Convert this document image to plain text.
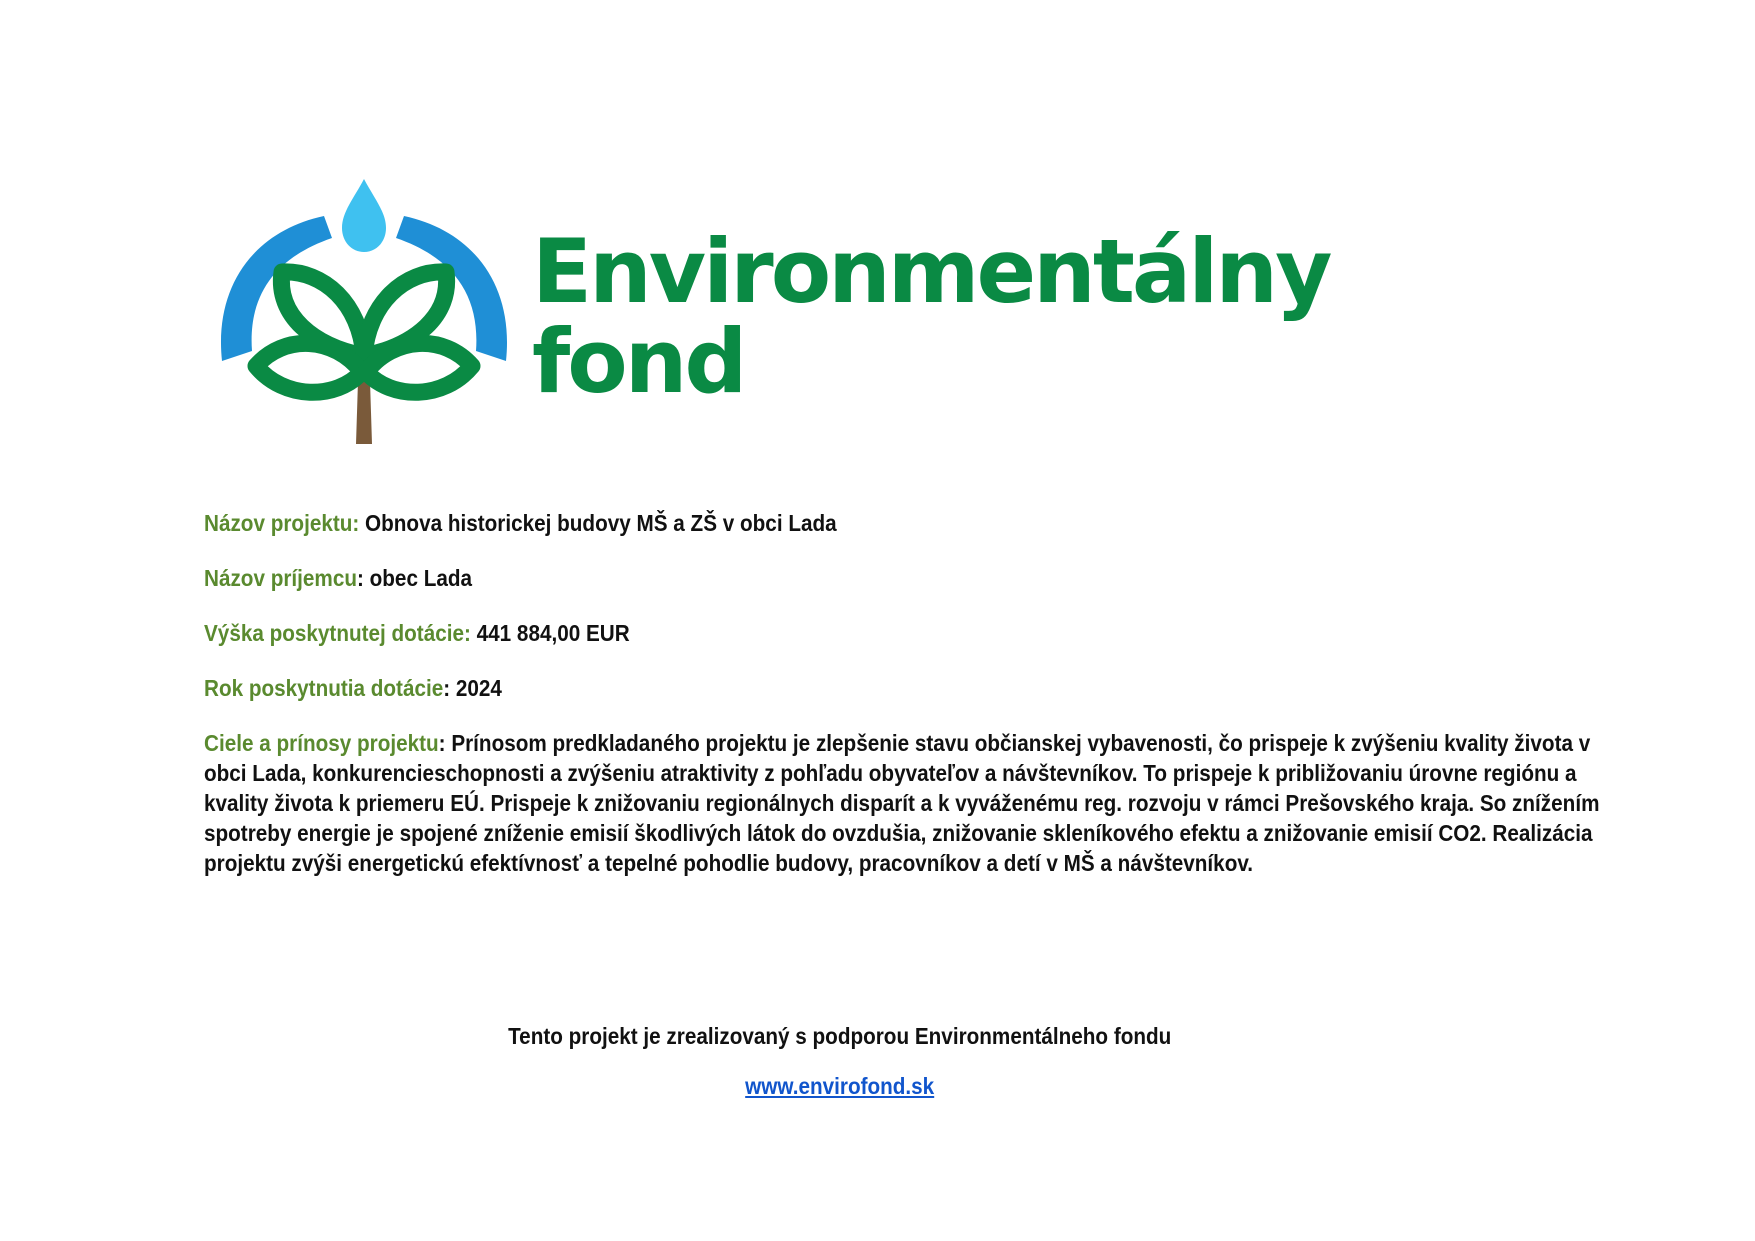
Environmentálny
fond
Názov projektu: Obnova historickej budovy MŠ a ZŠ v obci Lada
Názov príjemcu: obec Lada
Výška poskytnutej dotácie: 441 884,00 EUR
Rok poskytnutia dotácie: 2024
Ciele a prínosy projektu: Prínosom predkladaného projektu je zlepšenie stavu občianskej vybavenosti, čo prispeje k zvýšeniu kvality života v obci Lada, konkurencieschopnosti a zvýšeniu atraktivity z pohľadu obyvateľov a návštevníkov. To prispeje k približovaniu úrovne regiónu a kvality života k priemeru EÚ. Prispeje k znižovaniu regionálnych disparít a k vyváženému reg. rozvoju v rámci Prešovského kraja. So znížením spotreby energie je spojené zníženie emisií škodlivých látok do ovzdušia, znižovanie skleníkového efektu a znižovanie emisií CO2. Realizácia projektu zvýši energetickú efektívnosť a tepelné pohodlie budovy, pracovníkov a detí v MŠ a návštevníkov.
Tento projekt je zrealizovaný s podporou Environmentálneho fondu
www.envirofond.sk
